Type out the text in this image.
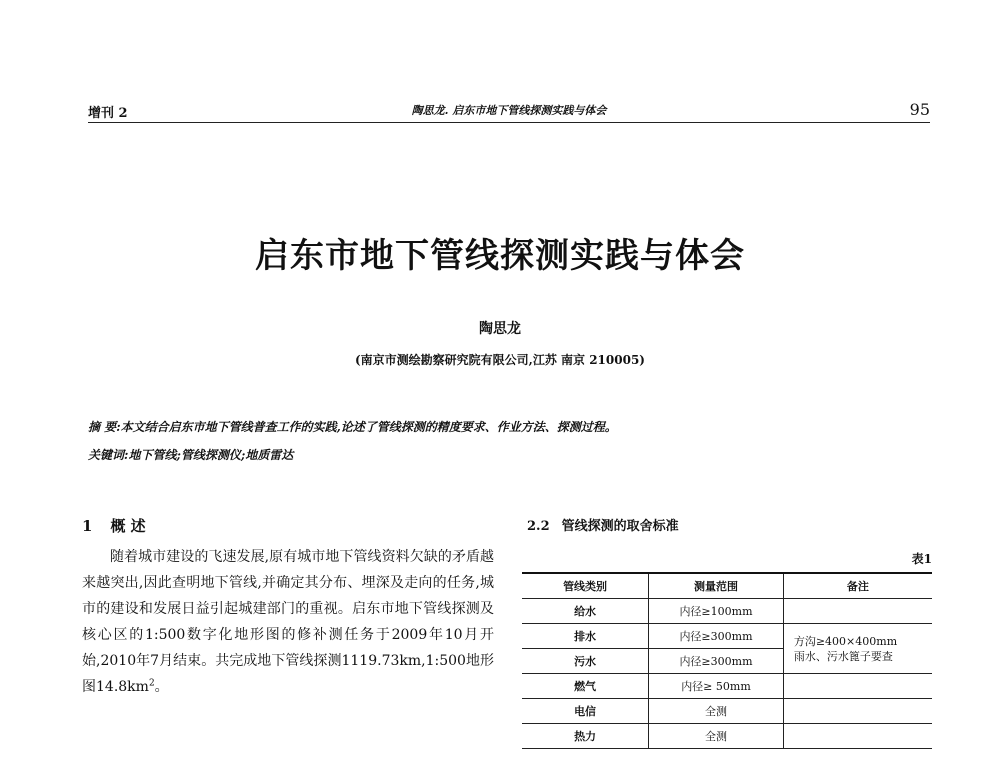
增刊 2	陶思龙. 启东市地下管线探测实践与体会	95
启东市地下管线探测实践与体会
陶思龙
(南京市测绘勘察研究院有限公司,江苏 南京 210005)
摘 要:本文结合启东市地下管线普查工作的实践,论述了管线探测的精度要求、作业方法、探测过程。
关键词:地下管线;管线探测仪;地质雷达
1 概 述

随着城市建设的飞速发展,原有城市地下管线资料欠缺的矛盾越来越突出,因此查明地下管线,并确定其分布、埋深及走向的任务,城市的建设和发展日益引起城建部门的重视。启东市地下管线探测及核心区的1:500数字化地形图的修补测任务于2009年10月开始,2010年7月结束。共完成地下管线探测1119.73km,1:500地形图$14.8km^2$。

2.2 管线探测的取舍标准
表1
管线类别	测量范围	备注
给水	内径≥100mm	
排水	内径≥300mm	方沟≥400×400mm
雨水、污水篦子要查

污水	内径≥300mm	
燃气	内径≥ 50mm	
电信	全测	
热力	全测	
